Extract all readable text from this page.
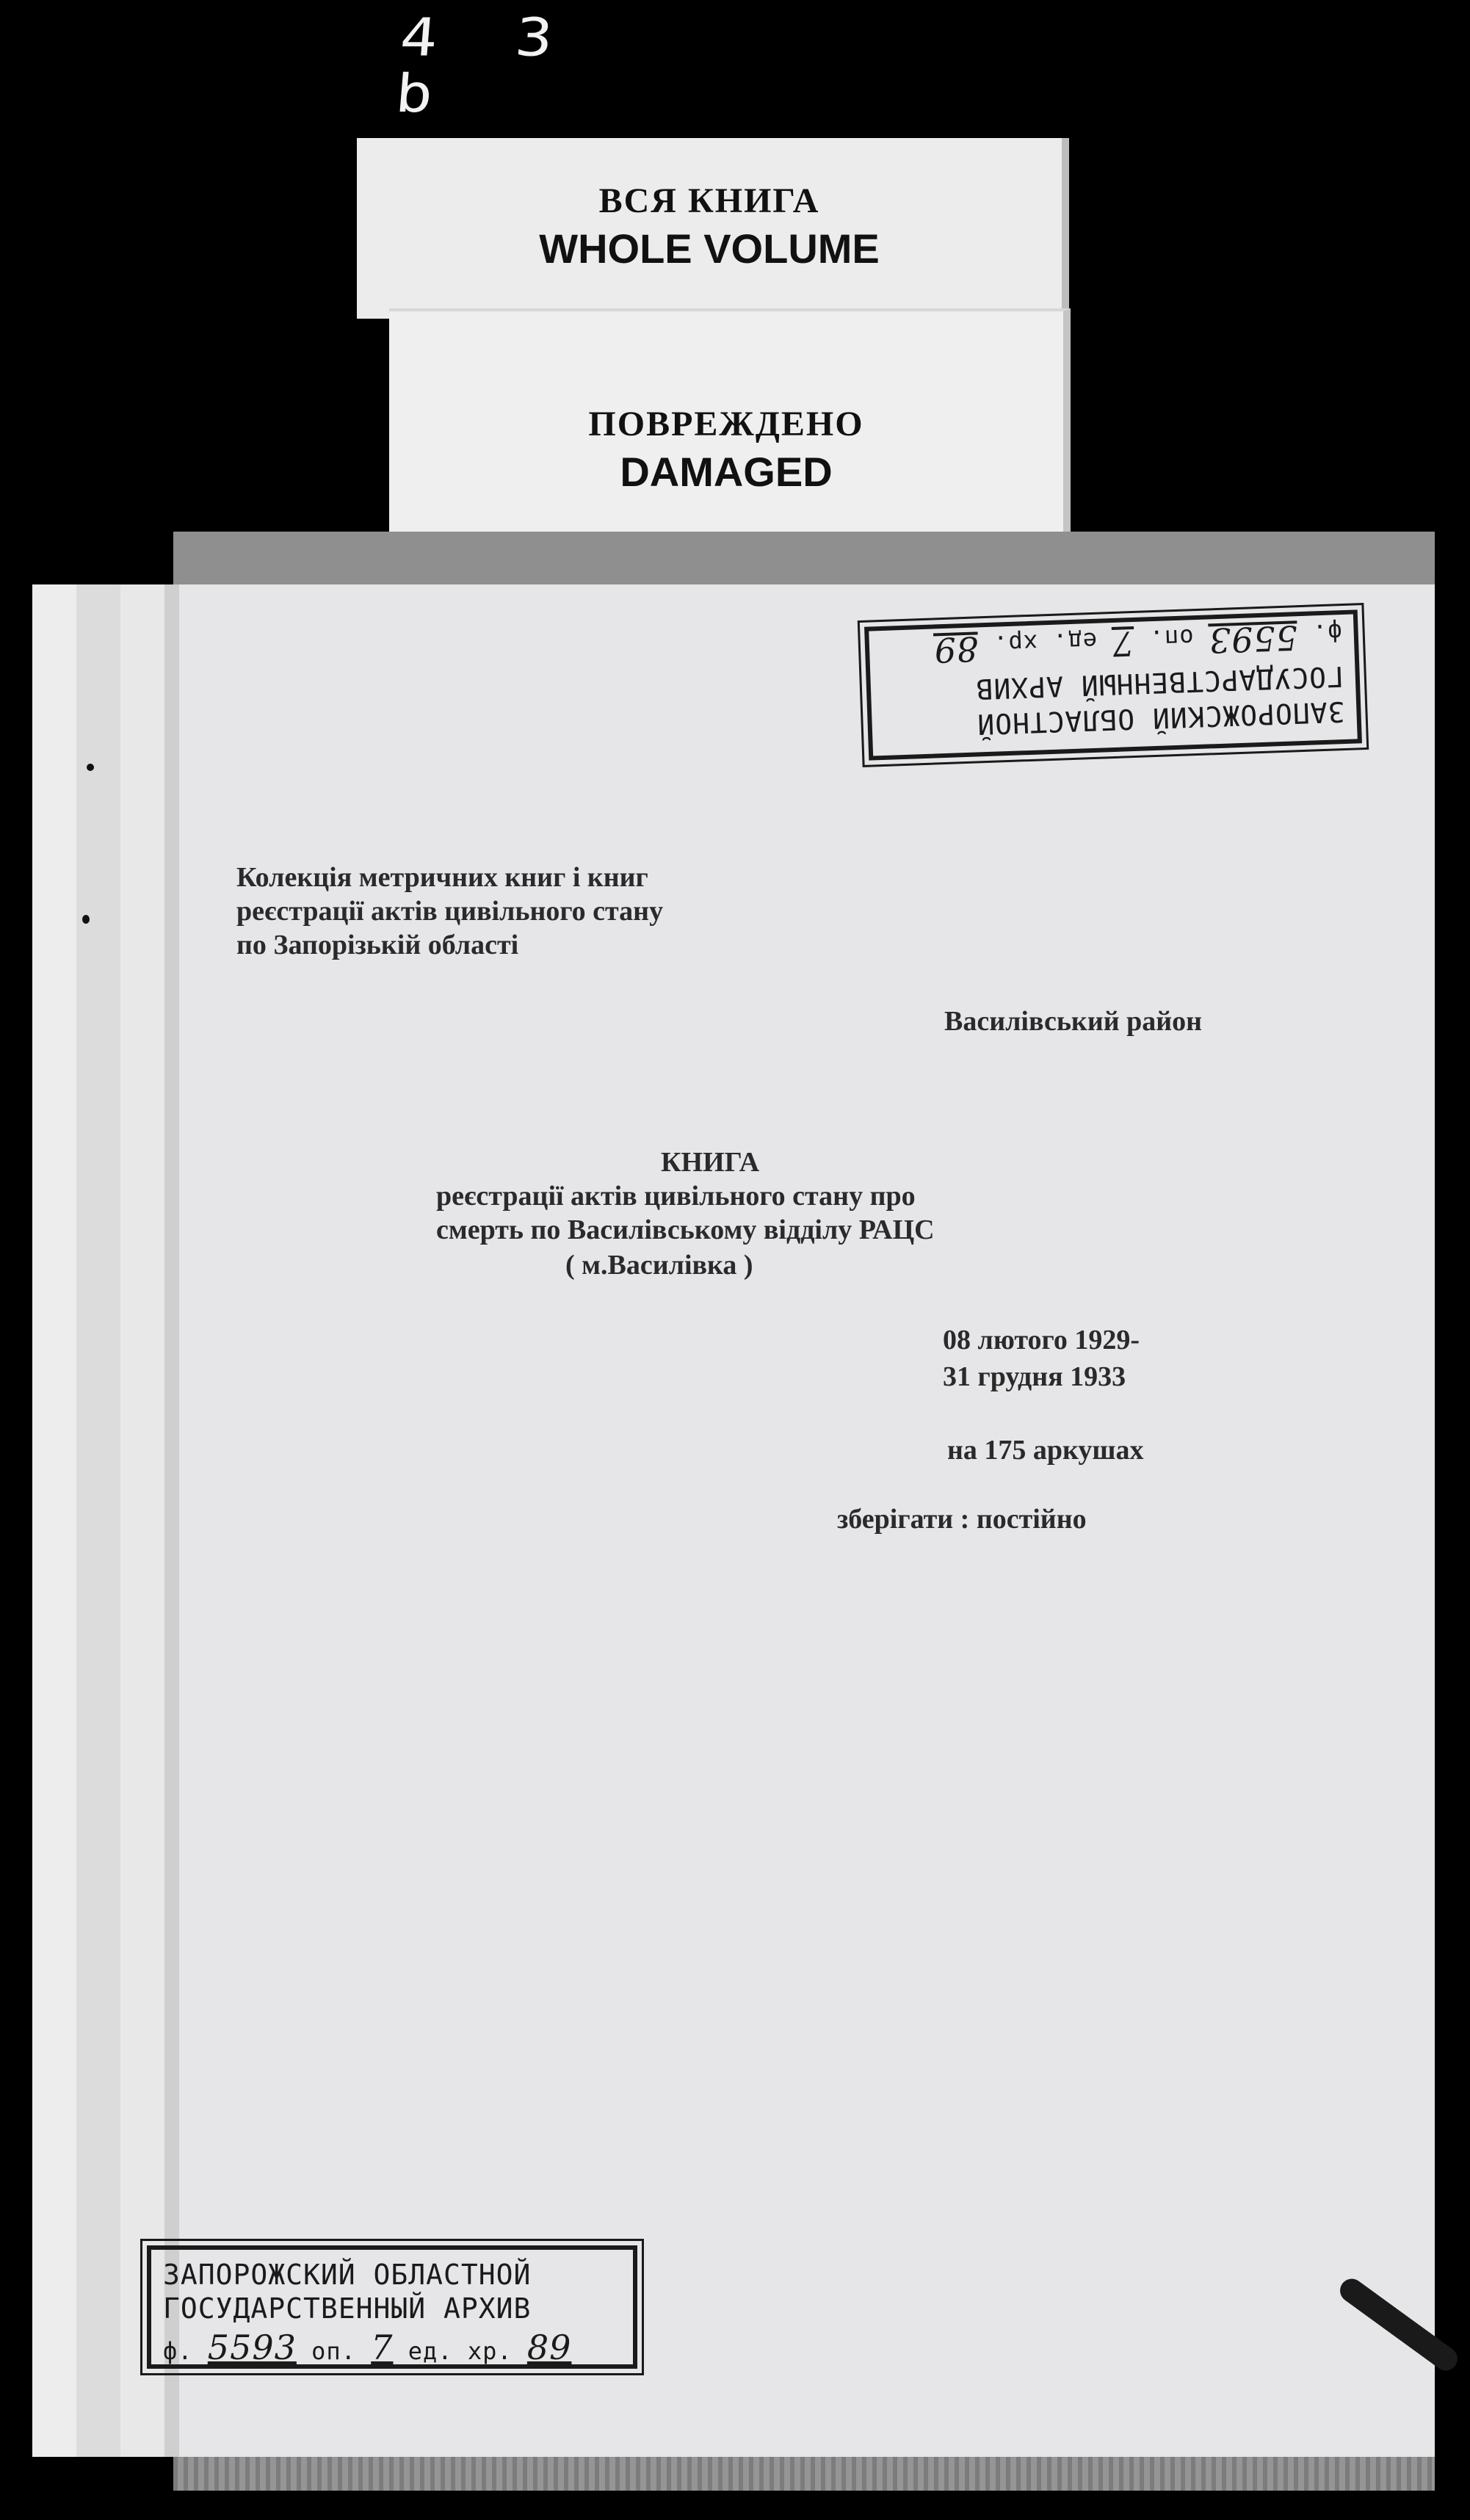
4 3 b
ВСЯ КНИГА
WHOLE VOLUME
ПОВРЕЖДЕНО
DAMAGED
ЗАПОРОЖСКИЙ ОБЛАСТНОЙ
ГОСУДАРСТВЕННЫЙ АРХИВ
ф. 5593 оп. 7 ед. хр. 89
Колекція метричних книг і книг
реєстрації актів цивільного стану
по Запорізькій області
Василівський район
КНИГА
реєстрації актів цивільного стану про
смерть по Василівському відділу РАЦС
( м.Василівка )
08 лютого 1929-
31 грудня 1933
на 175 аркушах
зберігати : постійно
ЗАПОРОЖСКИЙ ОБЛАСТНОЙ
ГОСУДАРСТВЕННЫЙ АРХИВ
ф. 5593 оп. 7 ед. хр. 89
